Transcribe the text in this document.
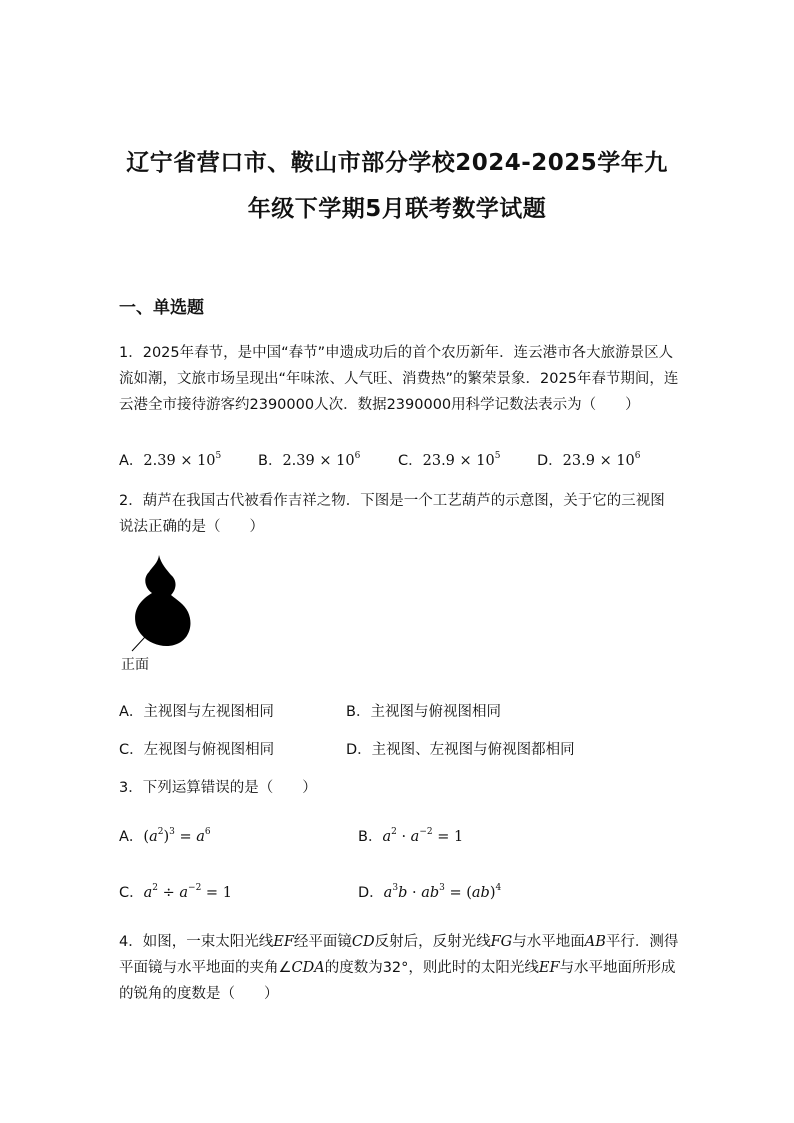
辽宁省营口市、鞍山市部分学校2024-2025学年九
年级下学期5月联考数学试题
一、单选题
1．2025年春节，是中国“春节”申遗成功后的首个农历新年．连云港市各大旅游景区人流如潮，文旅市场呈现出“年味浓、人气旺、消费热”的繁荣景象．2025年春节期间，连云港全市接待游客约2390000人次．数据2390000用科学记数法表示为（　　）
A．$2.39 \times 10^5$	B．$2.39 \times 10^6$	C．$23.9 \times 10^5$	D．$23.9 \times 10^6$
2．葫芦在我国古代被看作吉祥之物．下图是一个工艺葫芦的示意图，关于它的三视图说法正确的是（　　）
正面
A．主视图与左视图相同	B．主视图与俯视图相同
C．左视图与俯视图相同	D．主视图、左视图与俯视图都相同
3．下列运算错误的是（　　）
A．$(a^2)^3 = a^6$	B．$a^2 \cdot a^{-2} = 1$
C．$a^2 \div a^{-2} = 1$	D．$a^3b \cdot ab^3 = (ab)^4$
4．如图，一束太阳光线EF经平面镜CD反射后，反射光线FG与水平地面AB平行．测得平面镜与水平地面的夹角∠CDA的度数为32°，则此时的太阳光线EF与水平地面所形成的锐角的度数是（　　）
